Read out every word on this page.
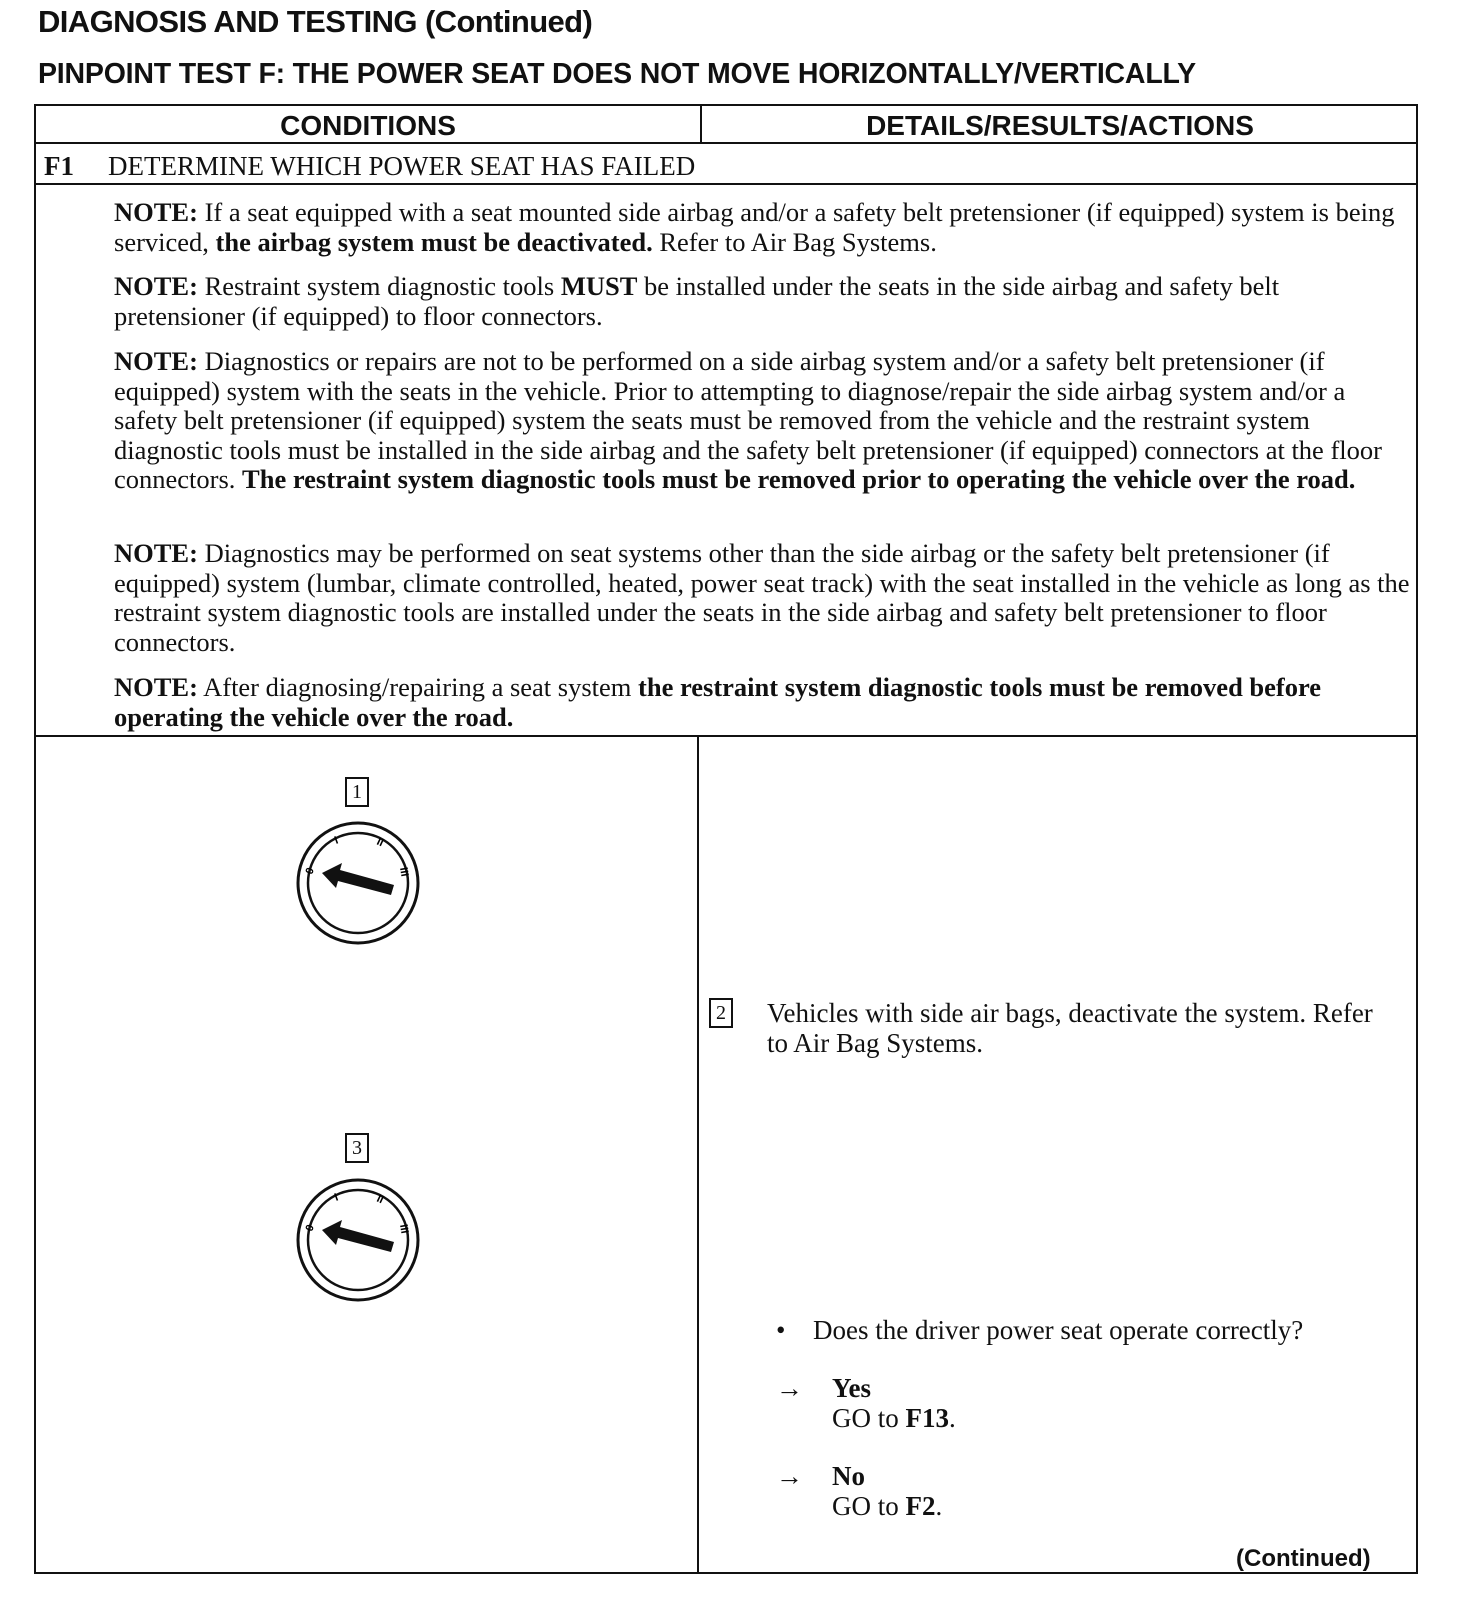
DIAGNOSIS AND TESTING (Continued)
PINPOINT TEST F: THE POWER SEAT DOES NOT MOVE HORIZONTALLY/VERTICALLY
CONDITIONS	DETAILS/RESULTS/ACTIONS
F1 DETERMINE WHICH POWER SEAT HAS FAILED

NOTE: If a seat equipped with a seat mounted side airbag and/or a safety belt pretensioner (if equipped) system is being serviced, the airbag system must be deactivated. Refer to Air Bag Systems.

NOTE: Restraint system diagnostic tools MUST be installed under the seats in the side airbag and safety belt pretensioner (if equipped) to floor connectors.

NOTE: Diagnostics or repairs are not to be performed on a side airbag system and/or a safety belt pretensioner (if equipped) system with the seats in the vehicle. Prior to attempting to diagnose/repair the side airbag system and/or a safety belt pretensioner (if equipped) system the seats must be removed from the vehicle and the restraint system diagnostic tools must be installed in the side airbag and the safety belt pretensioner (if equipped) connectors at the floor connectors. The restraint system diagnostic tools must be removed prior to operating the vehicle over the road.

NOTE: Diagnostics may be performed on seat systems other than the side airbag or the safety belt pretensioner (if equipped) system (lumbar, climate controlled, heated, power seat track) with the seat installed in the vehicle as long as the restraint system diagnostic tools are installed under the seats in the side airbag and safety belt pretensioner to floor connectors.

NOTE: After diagnosing/repairing a seat system the restraint system diagnostic tools must be removed before operating the vehicle over the road.

1
0
I	II
III
3
0
I	II
III
2 Vehicles with side air bags, deactivate the system. Refer to Air Bag Systems.
• Does the driver power seat operate correctly?
→ Yes
GO to F13.
→ No
GO to F2.
(Continued)
